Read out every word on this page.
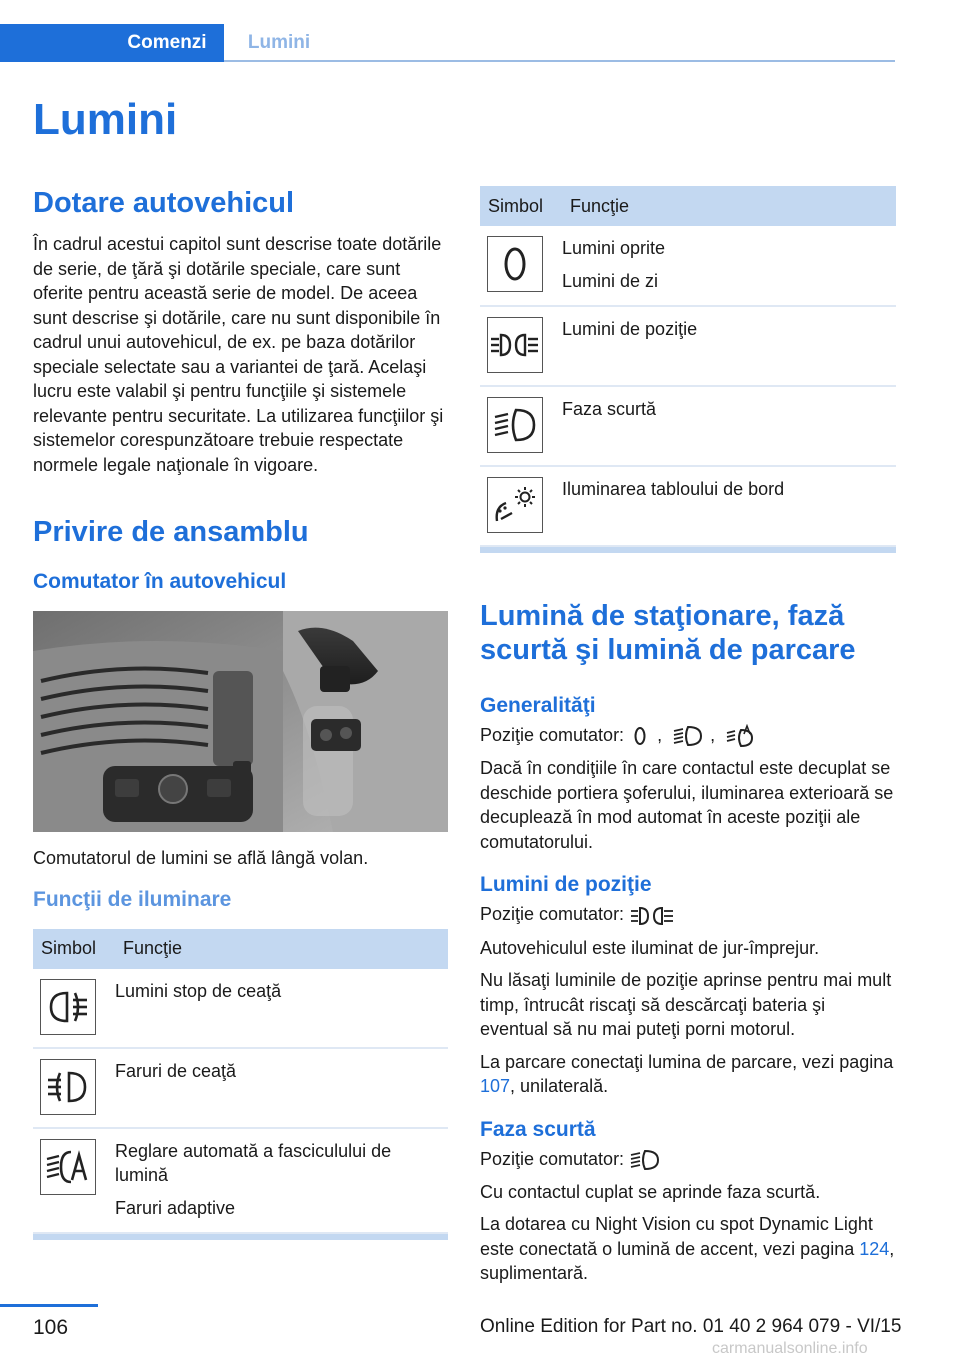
Comenzi	Lumini
Lumini
Dotare autovehicul

În cadrul acestui capitol sunt descrise toate dotările de serie, de ţără şi dotările speciale, care sunt oferite pentru această serie de model. De aceea sunt descrise şi dotările, care nu sunt disponibile în cadrul unui autovehicul, de ex. pe baza dotărilor speciale selectate sau a variantei de ţară. Acelaşi lucru este valabil şi pentru funcţiile şi sistemele relevante pentru securitate. La utilizarea funcţiilor şi sistemelor corespunzătoare trebuie respectate normele legale naţionale în vigoare.

Privire de ansamblu
Comutator în autovehicul

Comutatorul de lumini se află lângă volan.

Funcţii de iluminare
Simbol	Funcţie

Lumini stop de ceaţă

Faruri de ceaţă

Reglare automată a fasciculului de lumină
Faruri adaptive
Simbol	Funcţie

Lumini oprite
Lumini de zi

Lumini de poziţie

Faza scurtă

Iluminarea tabloului de bord
Lumină de staţionare, fază scurtă şi lumină de parcare
Generalităţi

Poziţie comutator: ,  ,

Dacă în condiţiile în care contactul este decuplat se deschide portiera şoferului, iluminarea exterioară se decuplează în mod automat în aceste poziţii ale comutatorului.

Lumini de poziţie

Poziţie comutator:

Autovehiculul este iluminat de jur-împrejur.

Nu lăsaţi luminile de poziţie aprinse pentru mai mult timp, întrucât riscaţi să descărcaţi bateria şi eventual să nu mai puteţi porni motorul.

La parcare conectaţi lumina de parcare, vezi pagina 107, unilaterală.

Faza scurtă

Poziţie comutator:

Cu contactul cuplat se aprinde faza scurtă.

La dotarea cu Night Vision cu spot Dynamic Light este conectată o lumină de accent, vezi pagina 124, suplimentară.

106	Online Edition for Part no. 01 40 2 964 079 - VI/15
carmanualsonline.info
